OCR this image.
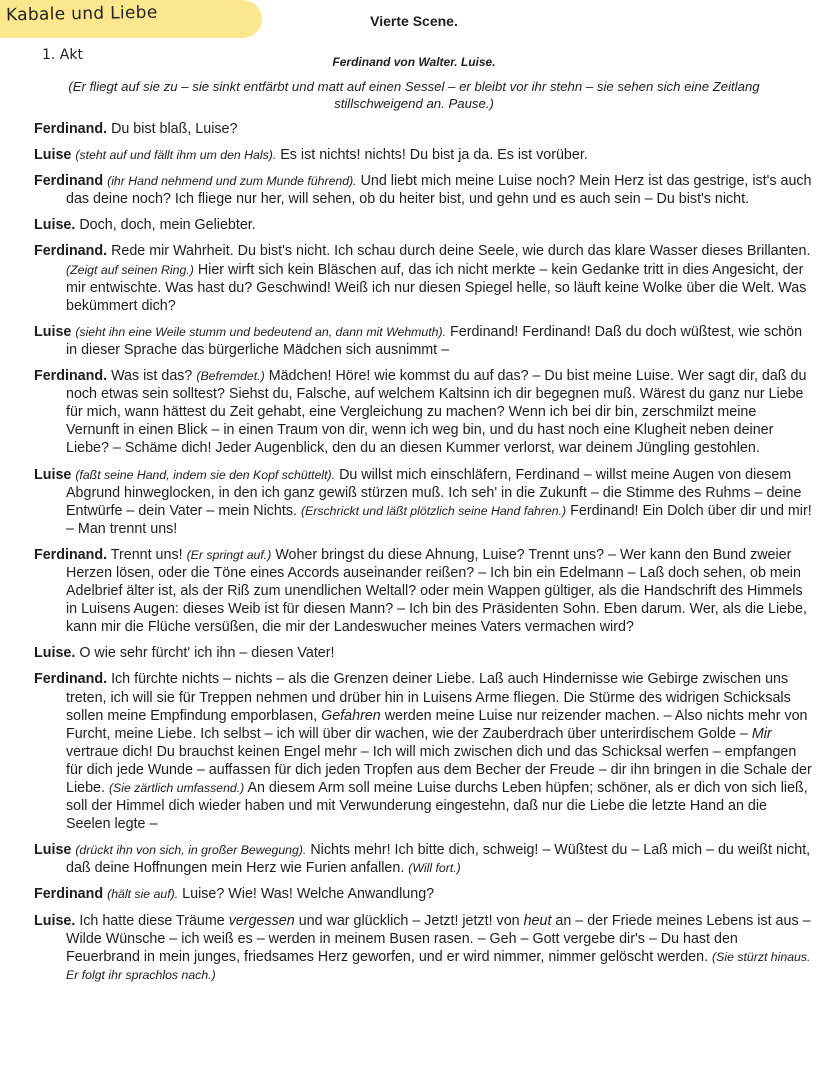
Kabale und Liebe
1. Akt
Vierte Scene.
Ferdinand von Walter. Luise.
(Er fliegt auf sie zu – sie sinkt entfärbt und matt auf einen Sessel – er bleibt vor ihr stehn – sie sehen sich eine Zeitlang stillschweigend an. Pause.)

Ferdinand. Du bist blaß, Luise?

Luise (steht auf und fällt ihm um den Hals). Es ist nichts! nichts! Du bist ja da. Es ist vorüber.

Ferdinand (ihr Hand nehmend und zum Munde führend). Und liebt mich meine Luise noch? Mein Herz ist das gestrige, ist's auch das deine noch? Ich fliege nur her, will sehen, ob du heiter bist, und gehn und es auch sein – Du bist's nicht.

Luise. Doch, doch, mein Geliebter.

Ferdinand. Rede mir Wahrheit. Du bist's nicht. Ich schau durch deine Seele, wie durch das klare Wasser dieses Brillanten. (Zeigt auf seinen Ring.) Hier wirft sich kein Bläschen auf, das ich nicht merkte – kein Gedanke tritt in dies Angesicht, der mir entwischte. Was hast du? Geschwind! Weiß ich nur diesen Spiegel helle, so läuft keine Wolke über die Welt. Was bekümmert dich?

Luise (sieht ihn eine Weile stumm und bedeutend an, dann mit Wehmuth). Ferdinand! Ferdinand! Daß du doch wüßtest, wie schön in dieser Sprache das bürgerliche Mädchen sich ausnimmt –

Ferdinand. Was ist das? (Befremdet.) Mädchen! Höre! wie kommst du auf das? – Du bist meine Luise. Wer sagt dir, daß du noch etwas sein solltest? Siehst du, Falsche, auf welchem Kaltsinn ich dir begegnen muß. Wärest du ganz nur Liebe für mich, wann hättest du Zeit gehabt, eine Vergleichung zu machen? Wenn ich bei dir bin, zerschmilzt meine Vernunft in einen Blick – in einen Traum von dir, wenn ich weg bin, und du hast noch eine Klugheit neben deiner Liebe? – Schäme dich! Jeder Augenblick, den du an diesen Kummer verlorst, war deinem Jüngling gestohlen.

Luise (faßt seine Hand, indem sie den Kopf schüttelt). Du willst mich einschläfern, Ferdinand – willst meine Augen von diesem Abgrund hinweglocken, in den ich ganz gewiß stürzen muß. Ich seh' in die Zukunft – die Stimme des Ruhms – deine Entwürfe – dein Vater – mein Nichts. (Erschrickt und läßt plötzlich seine Hand fahren.) Ferdinand! Ein Dolch über dir und mir! – Man trennt uns!

Ferdinand. Trennt uns! (Er springt auf.) Woher bringst du diese Ahnung, Luise? Trennt uns? – Wer kann den Bund zweier Herzen lösen, oder die Töne eines Accords auseinander reißen? – Ich bin ein Edelmann – Laß doch sehen, ob mein Adelbrief älter ist, als der Riß zum unendlichen Weltall? oder mein Wappen gültiger, als die Handschrift des Himmels in Luisens Augen: dieses Weib ist für diesen Mann? – Ich bin des Präsidenten Sohn. Eben darum. Wer, als die Liebe, kann mir die Flüche versüßen, die mir der Landeswucher meines Vaters vermachen wird?

Luise. O wie sehr fürcht' ich ihn – diesen Vater!

Ferdinand. Ich fürchte nichts – nichts – als die Grenzen deiner Liebe. Laß auch Hindernisse wie Gebirge zwischen uns treten, ich will sie für Treppen nehmen und drüber hin in Luisens Arme fliegen. Die Stürme des widrigen Schicksals sollen meine Empfindung emporblasen, Gefahren werden meine Luise nur reizender machen. – Also nichts mehr von Furcht, meine Liebe. Ich selbst – ich will über dir wachen, wie der Zauberdrach über unterirdischem Golde – Mir vertraue dich! Du brauchst keinen Engel mehr – Ich will mich zwischen dich und das Schicksal werfen – empfangen für dich jede Wunde – auffassen für dich jeden Tropfen aus dem Becher der Freude – dir ihn bringen in die Schale der Liebe. (Sie zärtlich umfassend.) An diesem Arm soll meine Luise durchs Leben hüpfen; schöner, als er dich von sich ließ, soll der Himmel dich wieder haben und mit Verwunderung eingestehn, daß nur die Liebe die letzte Hand an die Seelen legte –

Luise (drückt ihn von sich, in großer Bewegung). Nichts mehr! Ich bitte dich, schweig! – Wüßtest du – Laß mich – du weißt nicht, daß deine Hoffnungen mein Herz wie Furien anfallen. (Will fort.)

Ferdinand (hält sie auf). Luise? Wie! Was! Welche Anwandlung?

Luise. Ich hatte diese Träume vergessen und war glücklich – Jetzt! jetzt! von heut an – der Friede meines Lebens ist aus – Wilde Wünsche – ich weiß es – werden in meinem Busen rasen. – Geh – Gott vergebe dir's – Du hast den Feuerbrand in mein junges, friedsames Herz geworfen, und er wird nimmer, nimmer gelöscht werden. (Sie stürzt hinaus. Er folgt ihr sprachlos nach.)
